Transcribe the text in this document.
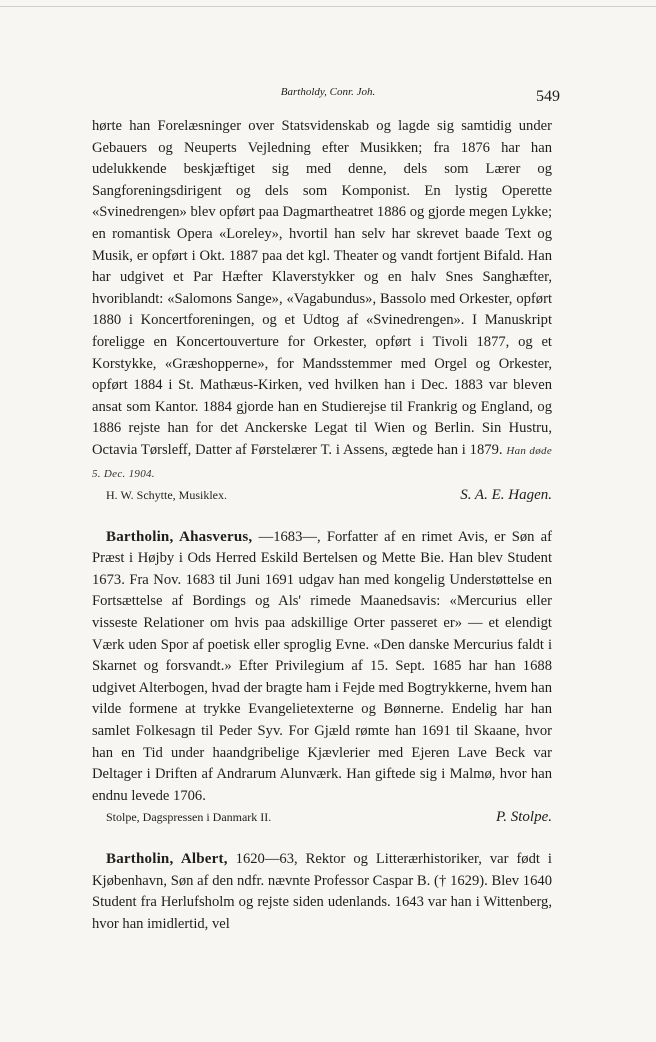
Bartholdy, Conr. Joh.	549

hørte han Forelæsninger over Statsvidenskab og lagde sig samtidig under Gebauers og Neuperts Vejledning efter Musikken; fra 1876 har han udelukkende beskjæftiget sig med denne, dels som Lærer og Sangforeningsdirigent og dels som Komponist. En lystig Operette «Svinedrengen» blev opført paa Dagmartheatret 1886 og gjorde megen Lykke; en romantisk Opera «Loreley», hvortil han selv har skrevet baade Text og Musik, er opført i Okt. 1887 paa det kgl. Theater og vandt fortjent Bifald. Han har udgivet et Par Hæfter Klaverstykker og en halv Snes Sanghæfter, hvoriblandt: «Salomons Sange», «Vagabundus», Bassolo med Orkester, opført 1880 i Koncertforeningen, og et Udtog af «Svinedrengen». I Manuskript foreligge en Koncertouverture for Orkester, opført i Tivoli 1877, og et Korstykke, «Græshopperne», for Mandsstemmer med Orgel og Orkester, opført 1884 i St. Mathæus-Kirken, ved hvilken han i Dec. 1883 var bleven ansat som Kantor. 1884 gjorde han en Studierejse til Frankrig og England, og 1886 rejste han for det Anckerske Legat til Wien og Berlin. Sin Hustru, Octavia Tørsleff, Datter af Førstelærer T. i Assens, ægtede han i 1879. Han døde 5. Dec. 1904.

H. W. Schytte, Musiklex.	S. A. E. Hagen.

Bartholin, Ahasverus, —1683—, Forfatter af en rimet Avis, er Søn af Præst i Højby i Ods Herred Eskild Bertelsen og Mette Bie. Han blev Student 1673. Fra Nov. 1683 til Juni 1691 udgav han med kongelig Understøttelse en Fortsættelse af Bordings og Als' rimede Maanedsavis: «Mercurius eller visseste Relationer om hvis paa adskillige Orter passeret er» — et elendigt Værk uden Spor af poetisk eller sproglig Evne. «Den danske Mercurius faldt i Skarnet og forsvandt.» Efter Privilegium af 15. Sept. 1685 har han 1688 udgivet Alterbogen, hvad der bragte ham i Fejde med Bogtrykkerne, hvem han vilde formene at trykke Evangelietexterne og Bønnerne. Endelig har han samlet Folkesagn til Peder Syv. For Gjæld rømte han 1691 til Skaane, hvor han en Tid under haandgribelige Kjævlerier med Ejeren Lave Beck var Deltager i Driften af Andrarum Alunværk. Han giftede sig i Malmø, hvor han endnu levede 1706.

Stolpe, Dagspressen i Danmark II.	P. Stolpe.

Bartholin, Albert, 1620—63, Rektor og Litterærhistoriker, var født i Kjøbenhavn, Søn af den ndfr. nævnte Professor Caspar B. († 1629). Blev 1640 Student fra Herlufsholm og rejste siden udenlands. 1643 var han i Wittenberg, hvor han imidlertid, vel
